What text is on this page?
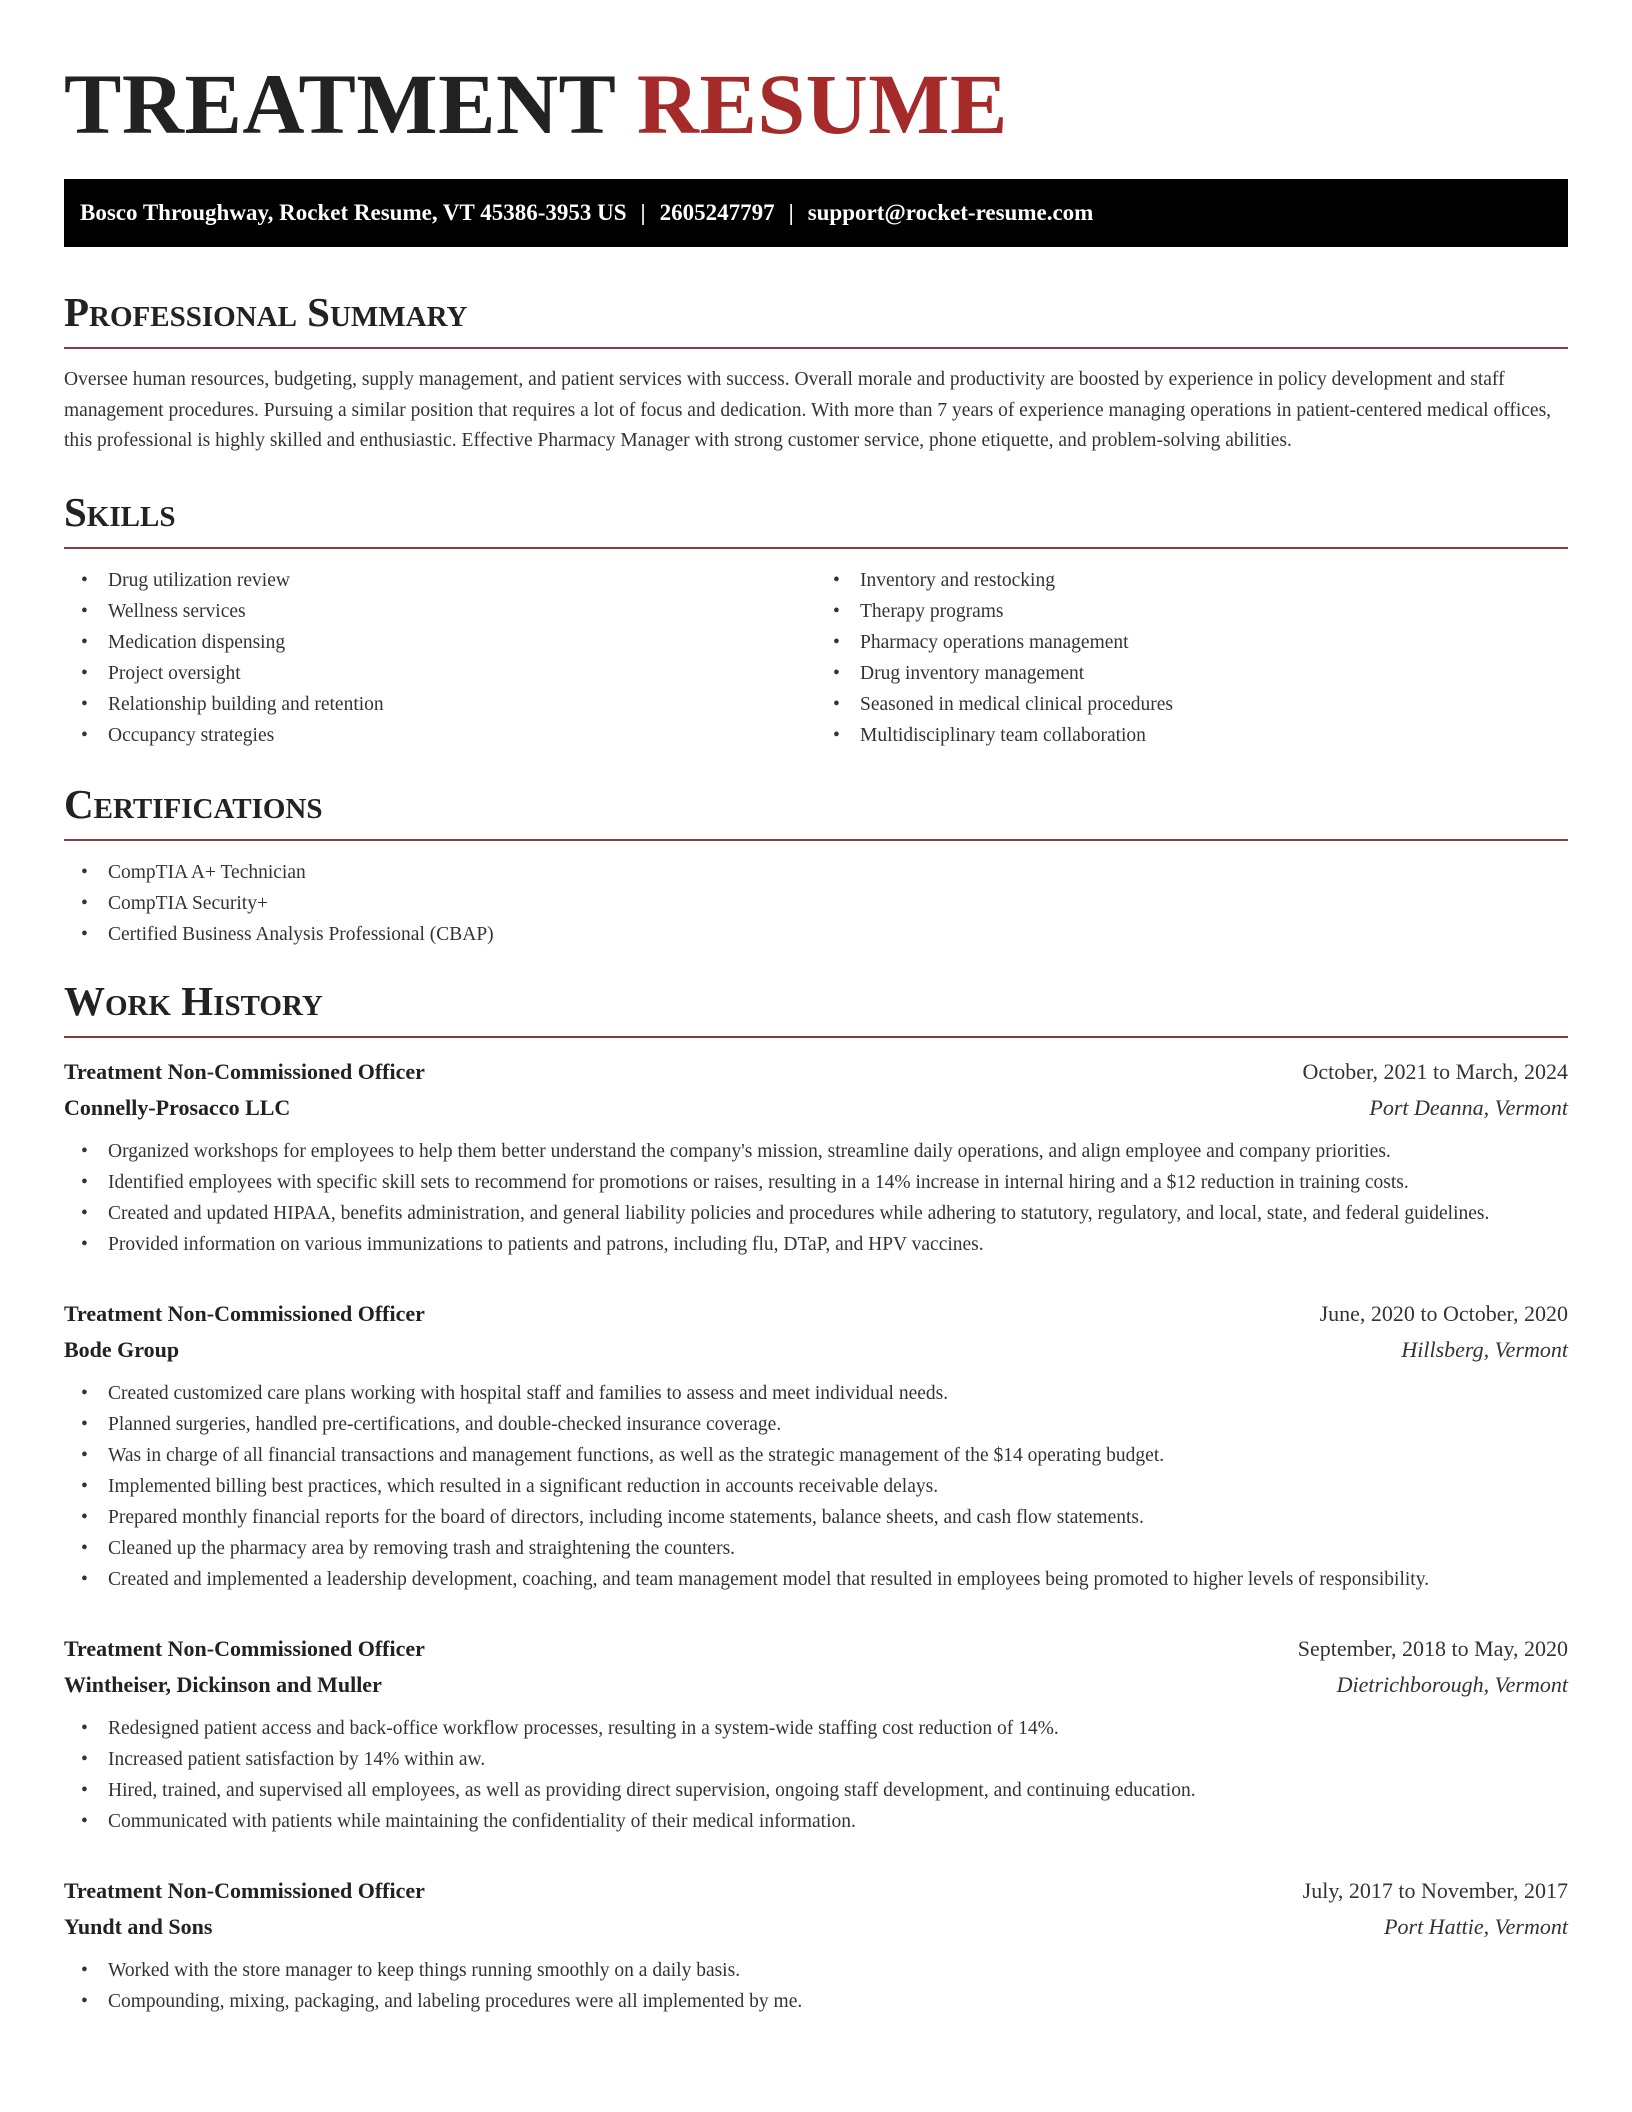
TREATMENT RESUME
Bosco Throughway, Rocket Resume, VT 45386-3953 US | 2605247797 | support@rocket-resume.com
Professional Summary

Oversee human resources, budgeting, supply management, and patient services with success. Overall morale and productivity are boosted by experience in policy development and staff management procedures. Pursuing a similar position that requires a lot of focus and dedication. With more than 7 years of experience managing operations in patient-centered medical offices, this professional is highly skilled and enthusiastic. Effective Pharmacy Manager with strong customer service, phone etiquette, and problem-solving abilities.

Skills
• Drug utilization review
• Wellness services
• Medication dispensing
• Project oversight
• Relationship building and retention
• Occupancy strategies
• Inventory and restocking
• Therapy programs
• Pharmacy operations management
• Drug inventory management
• Seasoned in medical clinical procedures
• Multidisciplinary team collaboration
Certifications
• CompTIA A+ Technician
• CompTIA Security+
• Certified Business Analysis Professional (CBAP)
Work History
Treatment Non-Commissioned Officer	October, 2021 to March, 2024
Connelly-Prosacco LLC	Port Deanna, Vermont
• Organized workshops for employees to help them better understand the company's mission, streamline daily operations, and align employee and company priorities.
• Identified employees with specific skill sets to recommend for promotions or raises, resulting in a 14% increase in internal hiring and a $12 reduction in training costs.
• Created and updated HIPAA, benefits administration, and general liability policies and procedures while adhering to statutory, regulatory, and local, state, and federal guidelines.
• Provided information on various immunizations to patients and patrons, including flu, DTaP, and HPV vaccines.
Treatment Non-Commissioned Officer	June, 2020 to October, 2020
Bode Group	Hillsberg, Vermont
• Created customized care plans working with hospital staff and families to assess and meet individual needs.
• Planned surgeries, handled pre-certifications, and double-checked insurance coverage.
• Was in charge of all financial transactions and management functions, as well as the strategic management of the $14 operating budget.
• Implemented billing best practices, which resulted in a significant reduction in accounts receivable delays.
• Prepared monthly financial reports for the board of directors, including income statements, balance sheets, and cash flow statements.
• Cleaned up the pharmacy area by removing trash and straightening the counters.
• Created and implemented a leadership development, coaching, and team management model that resulted in employees being promoted to higher levels of responsibility.
Treatment Non-Commissioned Officer	September, 2018 to May, 2020
Wintheiser, Dickinson and Muller	Dietrichborough, Vermont
• Redesigned patient access and back-office workflow processes, resulting in a system-wide staffing cost reduction of 14%.
• Increased patient satisfaction by 14% within aw.
• Hired, trained, and supervised all employees, as well as providing direct supervision, ongoing staff development, and continuing education.
• Communicated with patients while maintaining the confidentiality of their medical information.
Treatment Non-Commissioned Officer	July, 2017 to November, 2017
Yundt and Sons	Port Hattie, Vermont
• Worked with the store manager to keep things running smoothly on a daily basis.
• Compounding, mixing, packaging, and labeling procedures were all implemented by me.
